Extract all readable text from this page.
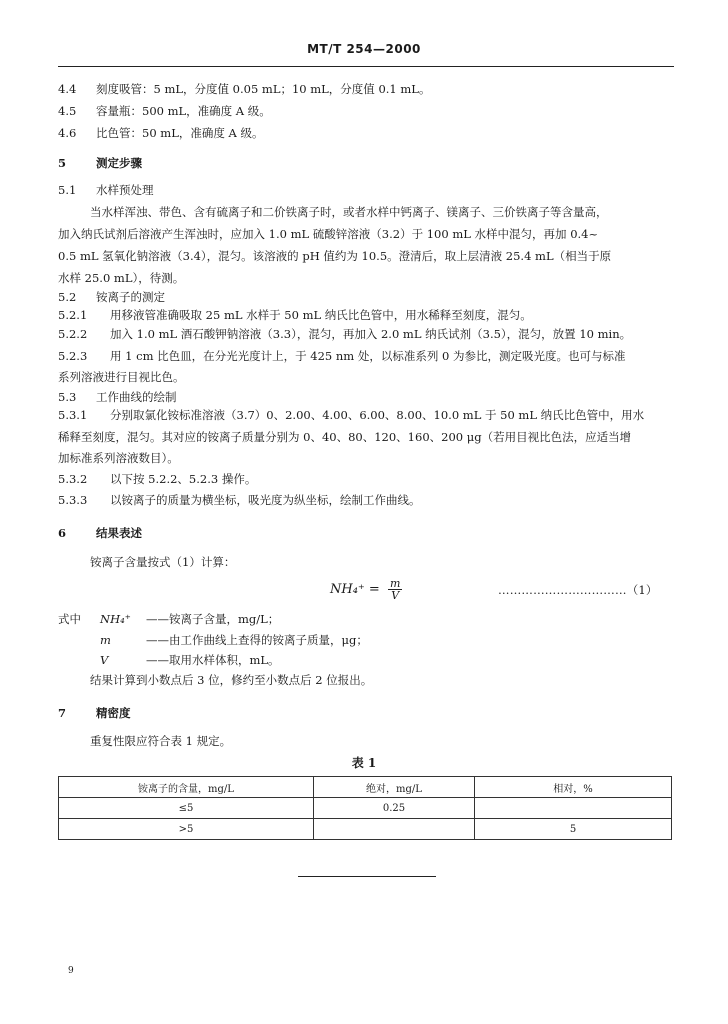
MT/T 254—2000
4.4 刻度吸管：5 mL，分度值 0.05 mL；10 mL，分度值 0.1 mL。
4.5 容量瓶：500 mL，准确度 A 级。
4.6 比色管：50 mL，准确度 A 级。
5	测定步骤
5.1 水样预处理
当水样浑浊、带色、含有硫离子和二价铁离子时，或者水样中钙离子、镁离子、三价铁离子等含量高，
加入纳氏试剂后溶液产生浑浊时，应加入 1.0 mL 硫酸锌溶液（3.2）于 100 mL 水样中混匀，再加 0.4~
0.5 mL 氢氧化钠溶液（3.4），混匀。该溶液的 pH 值约为 10.5。澄清后，取上层清液 25.4 mL（相当于原
水样 25.0 mL），待测。
5.2 铵离子的测定
5.2.1 用移液管准确吸取 25 mL 水样于 50 mL 纳氏比色管中，用水稀释至刻度，混匀。
5.2.2 加入 1.0 mL 酒石酸钾钠溶液（3.3），混匀，再加入 2.0 mL 纳氏试剂（3.5），混匀，放置 10 min。
5.2.3 用 1 cm 比色皿，在分光光度计上，于 425 nm 处，以标准系列 0 为参比，测定吸光度。也可与标准
系列溶液进行目视比色。
5.3 工作曲线的绘制
5.3.1 分别取氯化铵标准溶液（3.7）0、2.00、4.00、6.00、8.00、10.0 mL 于 50 mL 纳氏比色管中，用水
稀释至刻度，混匀。其对应的铵离子质量分别为 0、40、80、120、160、200 μg（若用目视比色法，应适当增
加标准系列溶液数目）。
5.3.2 以下按 5.2.2、5.2.3 操作。
5.3.3 以铵离子的质量为横坐标，吸光度为纵坐标，绘制工作曲线。
6	结果表述
铵离子含量按式（1）计算：
$NH_4^+ = \frac{m}{V}$	……………………………（1）
式中 NH₄⁺ ——铵离子含量，mg/L；
m	——由工作曲线上查得的铵离子质量，μg；
V	——取用水样体积，mL。
结果计算到小数点后 3 位，修约至小数点后 2 位报出。
7	精密度
重复性限应符合表 1 规定。
表 1
铵离子的含量，mg/L	绝对，mg/L	相对，%
≤5	0.25	
>5		5
9
